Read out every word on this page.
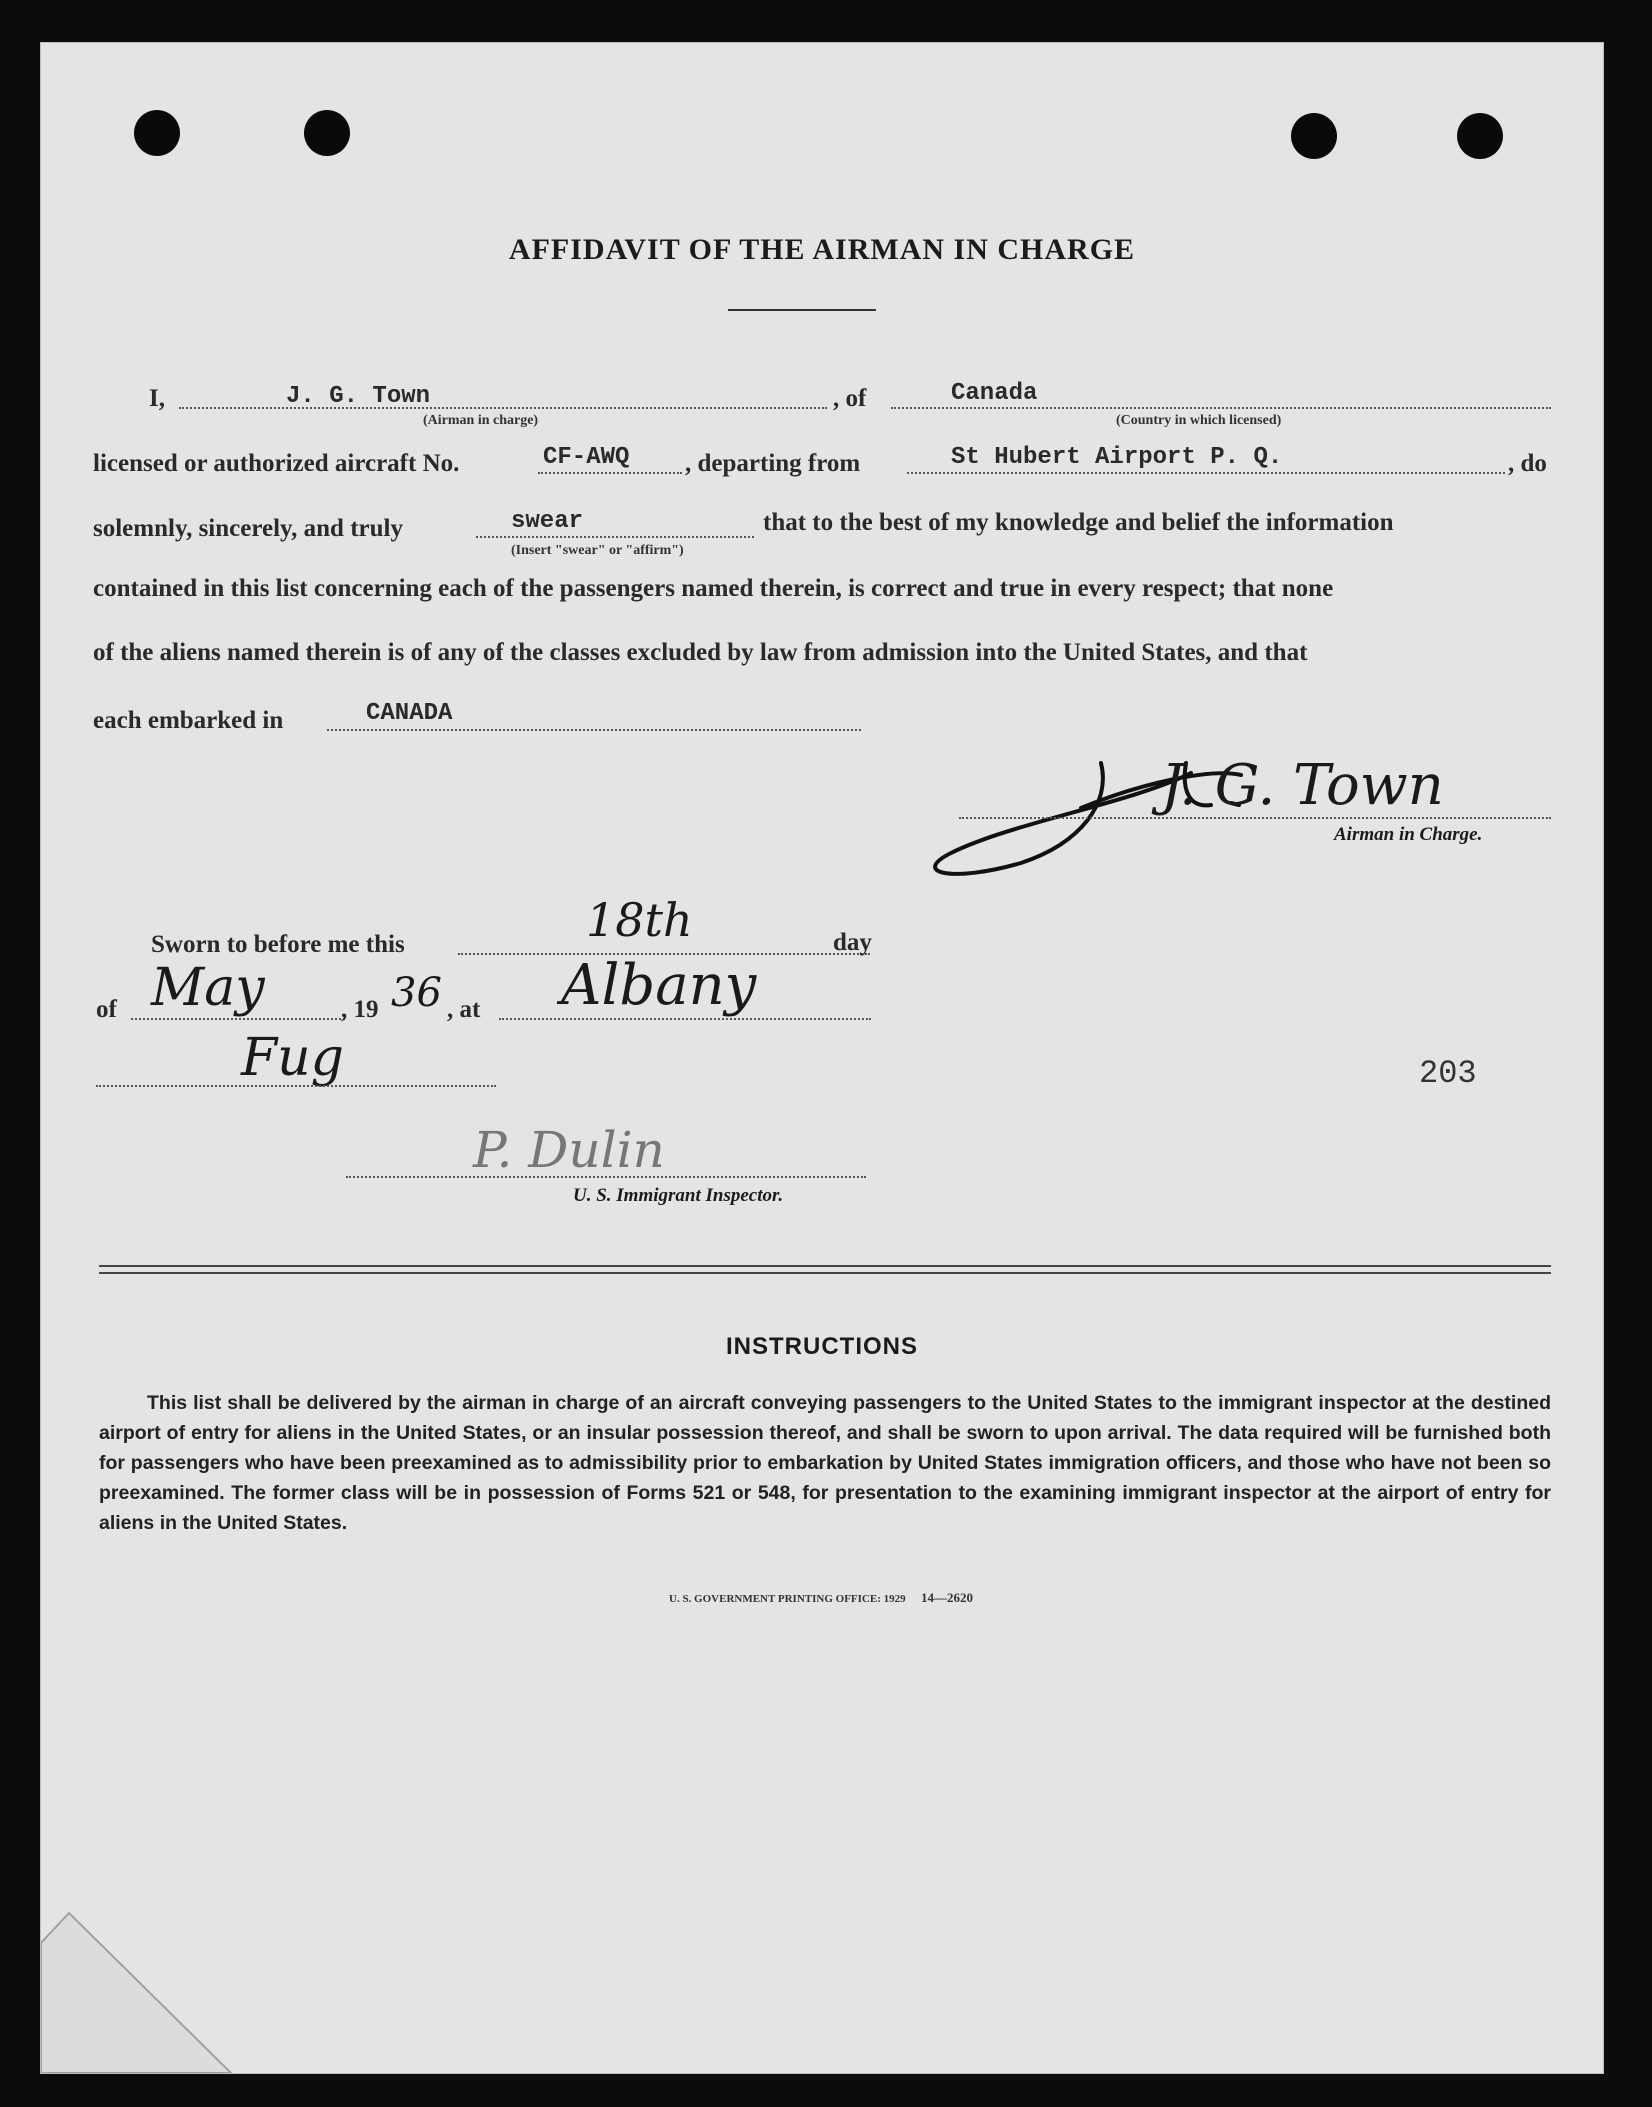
AFFIDAVIT OF THE AIRMAN IN CHARGE
I,	J. G. Town
(Airman in charge)
, of	Canada
(Country in which licensed)
licensed or authorized aircraft No.	CF-AWQ , departing from	St Hubert Airport P. Q.	, do
solemnly, sincerely, and truly	swear
(Insert "swear" or "affirm")
that to the best of my knowledge and belief the information
contained in this list concerning each of the passengers named therein, is correct and true in every respect; that none
of the aliens named therein is of any of the classes excluded by law from admission into the United States, and that
each embarked in	CANADA
J. G. Town
Airman in Charge.
Sworn to before me this	18th	day
of May	, 19 36 , at Albany
Fug	203
P. Dulin
U. S. Immigrant Inspector.
INSTRUCTIONS
This list shall be delivered by the airman in charge of an aircraft conveying passengers to the United States to the immigrant inspector at the destined airport of entry for aliens in the United States, or an insular possession thereof, and shall be sworn to upon arrival. The data required will be furnished both for passengers who have been preexamined as to admissibility prior to embarkation by United States immigration officers, and those who have not been so preexamined. The former class will be in possession of Forms 521 or 548, for presentation to the examining immigrant inspector at the airport of entry for aliens in the United States.
U. S. GOVERNMENT PRINTING OFFICE: 1929 14—2620
